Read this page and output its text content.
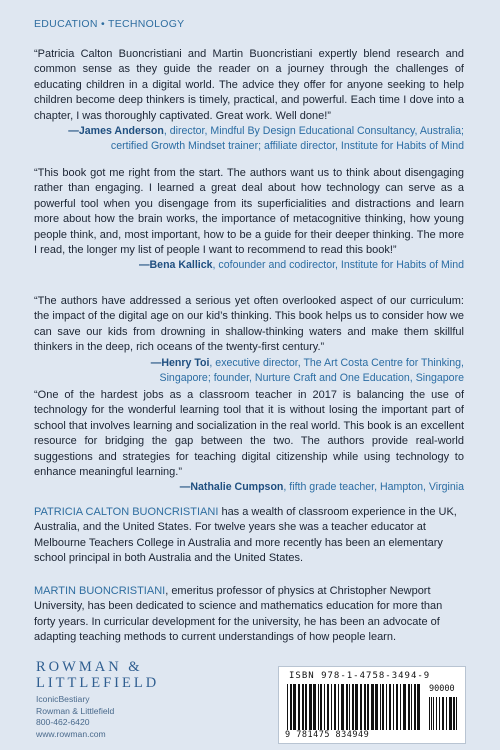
EDUCATION • TECHNOLOGY

“Patricia Calton Buoncristiani and Martin Buoncristiani expertly blend research and common sense as they guide the reader on a journey through the challenges of educating children in a digital world. The advice they offer for anyone seeking to help children become deep thinkers is timely, practical, and powerful. Each time I dove into a chapter, I was thoroughly captivated. Great work. Well done!”

—James Anderson, director, Mindful By Design Educational Consultancy, Australia;

certified Growth Mindset trainer; affiliate director, Institute for Habits of Mind

“This book got me right from the start. The authors want us to think about disengaging rather than engaging. I learned a great deal about how technology can serve as a powerful tool when you disengage from its superficialities and distractions and learn more about how the brain works, the importance of metacognitive thinking, how young people think, and, most important, how to be a guide for their deeper thinking. The more I read, the longer my list of people I want to recommend to read this book!”

—Bena Kallick, cofounder and codirector, Institute for Habits of Mind

“The authors have addressed a serious yet often overlooked aspect of our curriculum: the impact of the digital age on our kid’s thinking. This book helps us to consider how we can save our kids from drowning in shallow-thinking waters and make them skillful thinkers in the deep, rich oceans of the twenty-first century.”

—Henry Toi, executive director, The Art Costa Centre for Thinking,

Singapore; founder, Nurture Craft and One Education, Singapore

“One of the hardest jobs as a classroom teacher in 2017 is balancing the use of technology for the wonderful learning tool that it is without losing the important part of school that involves learning and socialization in the real world. This book is an excellent resource for bridging the gap between the two. The authors provide real-world suggestions and strategies for teaching digital citizenship while using technology to enhance meaningful learning.”

—Nathalie Cumpson, fifth grade teacher, Hampton, Virginia

PATRICIA CALTON BUONCRISTIANI has a wealth of classroom experience in the UK, Australia, and the United States. For twelve years she was a teacher educator at Melbourne Teachers College in Australia and more recently has been an elementary school principal in both Australia and the United States.
MARTIN BUONCRISTIANI, emeritus professor of physics at Christopher Newport University, has been dedicated to science and mathematics education for more than forty years. In curricular development for the university, he has been an advocate of adapting teaching methods to current understandings of how people learn.
ROWMAN &
LITTLEFIELD
IconicBestiary
Rowman & Littlefield
800-462-6420
www.rowman.com
ISBN 978-1-4758-3494-9
90000
9 781475 834949
